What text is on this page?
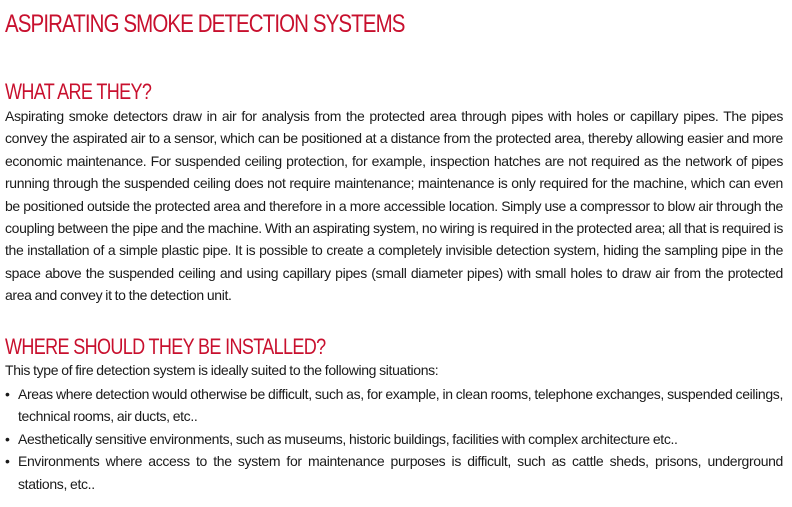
ASPIRATING SMOKE DETECTION SYSTEMS
WHAT ARE THEY?

Aspirating smoke detectors draw in air for analysis from the protected area through pipes with holes or capillary pipes. The pipes convey the aspirated air to a sensor, which can be positioned at a distance from the protected area, thereby allowing easier and more economic maintenance. For suspended ceiling protection, for example, inspection hatches are not required as the network of pipes running through the suspended ceiling does not require maintenance; maintenance is only required for the machine, which can even be positioned outside the protected area and therefore in a more accessible location. Simply use a compressor to blow air through the coupling between the pipe and the machine. With an aspirating system, no wiring is required in the protected area; all that is required is the installation of a simple plastic pipe. It is possible to create a completely invisible detection system, hiding the sampling pipe in the space above the suspended ceiling and using capillary pipes (small diameter pipes) with small holes to draw air from the protected area and convey it to the detection unit.

WHERE SHOULD THEY BE INSTALLED?

This type of fire detection system is ideally suited to the following situations:

• Areas where detection would otherwise be difficult, such as, for example, in clean rooms, telephone exchanges, suspended ceilings, technical rooms, air ducts, etc..
• Aesthetically sensitive environments, such as museums, historic buildings, facilities with complex architecture etc..
• Environments where access to the system for maintenance purposes is difficult, such as cattle sheds, prisons, underground stations, etc..
